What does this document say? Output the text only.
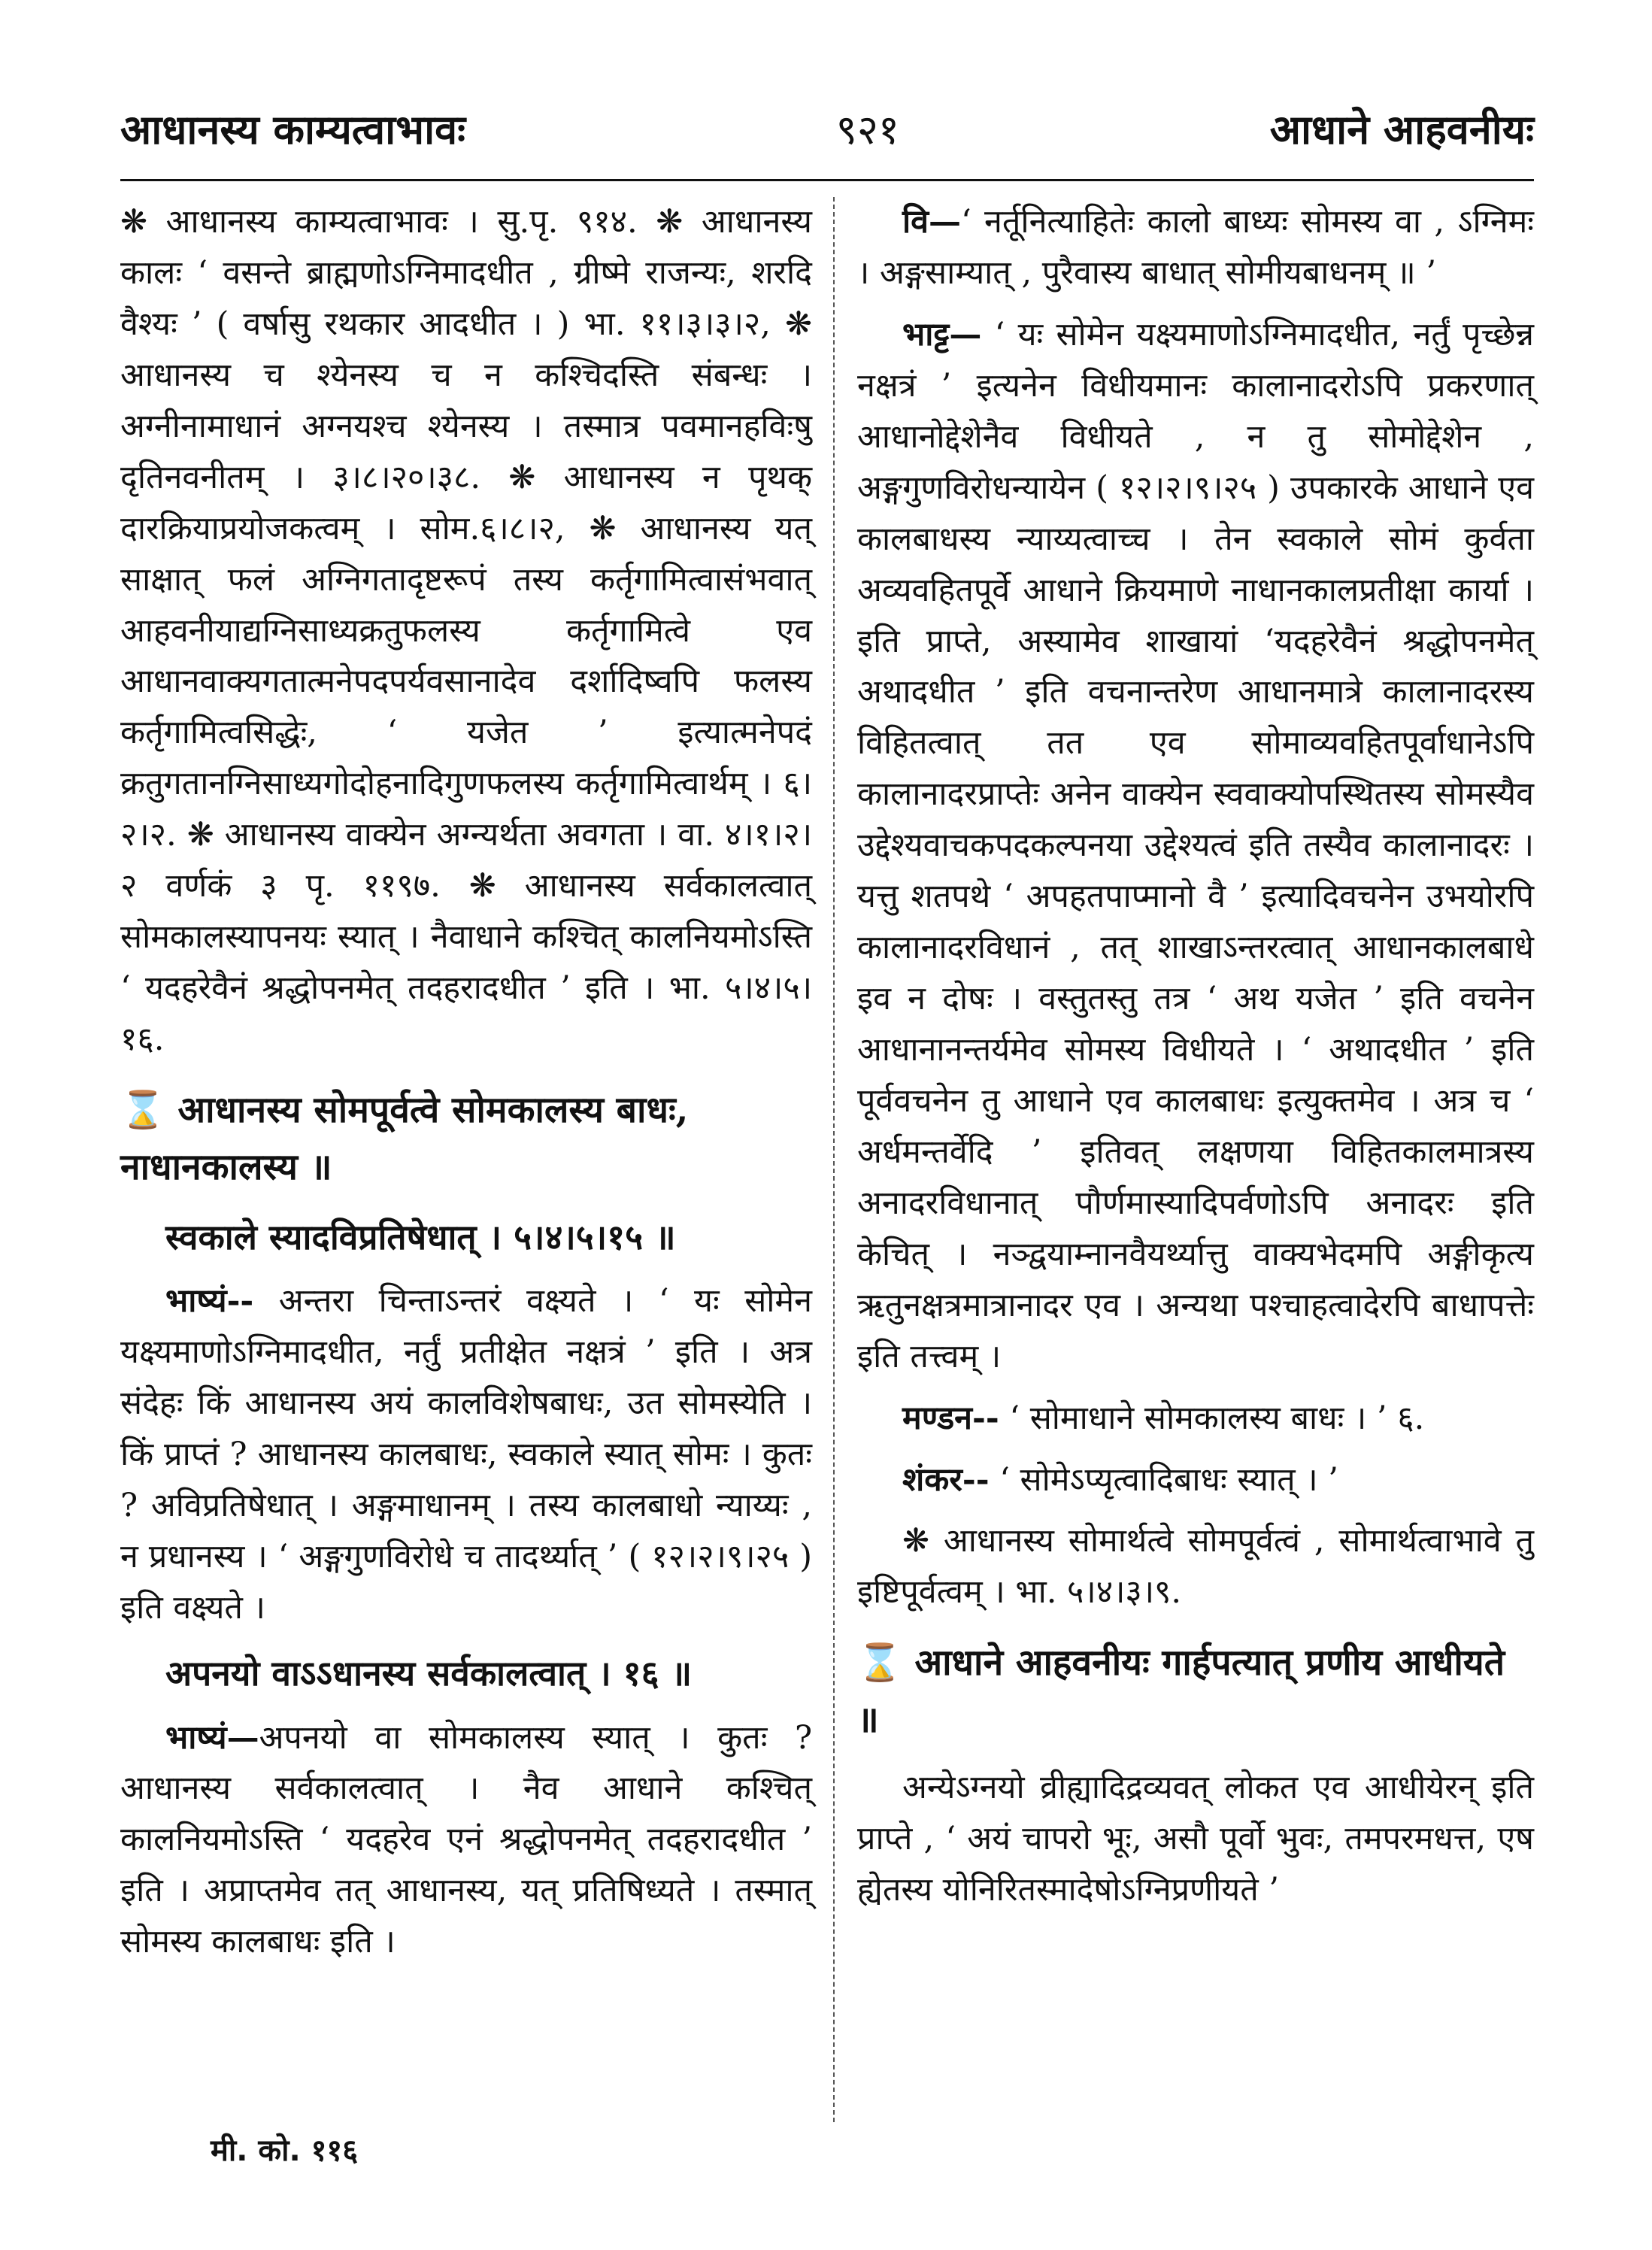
आधानस्य काम्यत्वाभावः	९२१	आधाने आहवनीयः

❋ आधानस्य काम्यत्वाभावः । सु.पृ. ९१४. ❋ आधानस्य कालः ‘ वसन्ते ब्राह्मणोऽग्निमादधीत , ग्रीष्मे राजन्यः, शरदि वैश्यः ’ ( वर्षासु रथकार आदधीत । ) भा. ११।३।३।२, ❋ आधानस्य च श्येनस्य च न कश्चिदस्ति संबन्धः । अग्नीनामाधानं अग्नयश्च श्येनस्य । तस्मात्र पवमानहविःषु दृतिनवनीतम् । ३।८।२०।३८. ❋ आधानस्य न पृथक् दारक्रियाप्रयोजकत्वम् । सोम.६।८।२, ❋ आधानस्य यत् साक्षात् फलं अग्निगतादृष्टरूपं तस्य कर्तृगामित्वासंभवात् आहवनीयाद्यग्निसाध्यक्रतुफलस्य कर्तृगामित्वे एव आधानवाक्यगतात्मनेपदपर्यवसानादेव दर्शादिष्वपि फलस्य कर्तृगामित्वसिद्धेः, ‘ यजेत ’ इत्यात्मनेपदं क्रतुगतानग्निसाध्यगोदोहनादिगुणफलस्य कर्तृगामित्वार्थम् । ६।२।२. ❋ आधानस्य वाक्येन अग्न्यर्थता अवगता । वा. ४।१।२।२ वर्णकं ३ पृ. ११९७. ❋ आधानस्य सर्वकालत्वात् सोमकालस्यापनयः स्यात् । नैवाधाने कश्चित् कालनियमोऽस्ति ‘ यदहरेवैनं श्रद्धोपनमेत् तदहरादधीत ’ इति । भा. ५।४।५।१६.

⌛ आधानस्य सोमपूर्वत्वे सोमकालस्य बाधः, नाधानकालस्य ॥

स्वकाले स्यादविप्रतिषेधात् । ५।४।५।१५ ॥

भाष्यं-- अन्तरा चिन्ताऽन्तरं वक्ष्यते । ‘ यः सोमेन यक्ष्यमाणोऽग्निमादधीत, नर्तुं प्रतीक्षेत नक्षत्रं ’ इति । अत्र संदेहः किं आधानस्य अयं कालविशेषबाधः, उत सोमस्येति । किं प्राप्तं ? आधानस्य कालबाधः, स्वकाले स्यात् सोमः । कुतः ? अविप्रतिषेधात् । अङ्गमाधानम् । तस्य कालबाधो न्याय्यः , न प्रधानस्य । ‘ अङ्गगुणविरोधे च तादर्थ्यात् ’ ( १२।२।९।२५ ) इति वक्ष्यते ।

अपनयो वाऽऽधानस्य सर्वकालत्वात् । १६ ॥

भाष्यं—अपनयो वा सोमकालस्य स्यात् । कुतः ? आधानस्य सर्वकालत्वात् । नैव आधाने कश्चित् कालनियमोऽस्ति ‘ यदहरेव एनं श्रद्धोपनमेत् तदहरादधीत ’ इति । अप्राप्तमेव तत् आधानस्य, यत् प्रतिषिध्यते । तस्मात् सोमस्य कालबाधः इति ।

वि—‘ नर्तूनित्याहितेः कालो बाध्यः सोमस्य वा , ऽग्निमः । अङ्गसाम्यात् , पुरैवास्य बाधात् सोमीयबाधनम् ॥ ’

भाट्ट— ‘ यः सोमेन यक्ष्यमाणोऽग्निमादधीत, नर्तुं पृच्छेन्न नक्षत्रं ’ इत्यनेन विधीयमानः कालानादरोऽपि प्रकरणात् आधानोद्देशेनैव विधीयते , न तु सोमोद्देशेन , अङ्गगुणविरोधन्यायेन ( १२।२।९।२५ ) उपकारके आधाने एव कालबाधस्य न्याय्यत्वाच्च । तेन स्वकाले सोमं कुर्वता अव्यवहितपूर्वे आधाने क्रियमाणे नाधानकालप्रतीक्षा कार्या । इति प्राप्ते, अस्यामेव शाखायां ‘यदहरेवैनं श्रद्धोपनमेत् अथादधीत ’ इति वचनान्तरेण आधानमात्रे कालानादरस्य विहितत्वात् तत एव सोमाव्यवहितपूर्वाधानेऽपि कालानादरप्राप्तेः अनेन वाक्येन स्ववाक्योपस्थितस्य सोमस्यैव उद्देश्यवाचकपदकल्पनया उद्देश्यत्वं इति तस्यैव कालानादरः । यत्तु शतपथे ‘ अपहतपाप्मानो वै ’ इत्यादिवचनेन उभयोरपि कालानादरविधानं , तत् शाखाऽन्तरत्वात् आधानकालबाधे इव न दोषः । वस्तुतस्तु तत्र ‘ अथ यजेत ’ इति वचनेन आधानानन्तर्यमेव सोमस्य विधीयते । ‘ अथादधीत ’ इति पूर्ववचनेन तु आधाने एव कालबाधः इत्युक्तमेव । अत्र च ‘ अर्धमन्तर्वेदि ’ इतिवत् लक्षणया विहितकालमात्रस्य अनादरविधानात् पौर्णमास्यादिपर्वणोऽपि अनादरः इति केचित् । नञ्द्वयाम्नानवैयर्थ्यात्तु वाक्यभेदमपि अङ्गीकृत्य ऋतुनक्षत्रमात्रानादर एव । अन्यथा पश्चाहत्वादेरपि बाधापत्तेः इति तत्त्वम् ।

मण्डन-- ‘ सोमाधाने सोमकालस्य बाधः । ’ ६.

शंकर-- ‘ सोमेऽप्यृत्वादिबाधः स्यात् । ’

❋ आधानस्य सोमार्थत्वे सोमपूर्वत्वं , सोमार्थत्वाभावे तु इष्टिपूर्वत्वम् । भा. ५।४।३।९.

⌛ आधाने आहवनीयः गार्हपत्यात् प्रणीय आधीयते ॥

अन्येऽग्नयो व्रीह्यादिद्रव्यवत् लोकत एव आधीयेरन् इति प्राप्ते , ‘ अयं चापरो भूः, असौ पूर्वो भुवः, तमपरमधत्त, एष ह्येतस्य योनिरितस्मादेषोऽग्निप्रणीयते ’

मी. को. ११६
